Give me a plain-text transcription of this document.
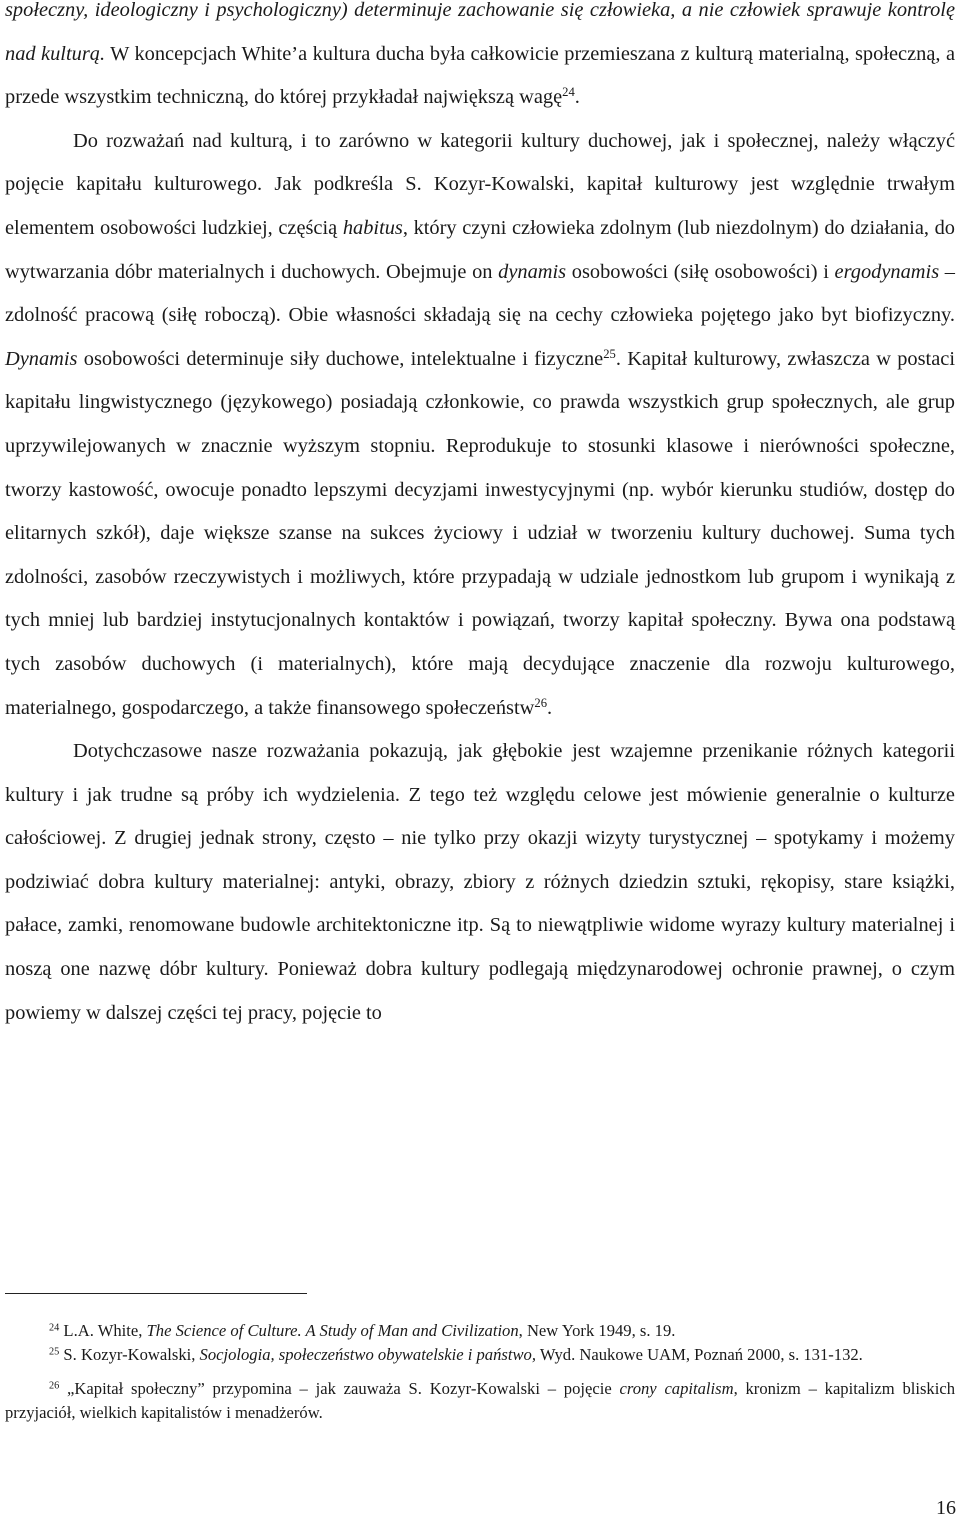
społeczny, ideologiczny i psychologiczny) determinuje zachowanie się człowieka, a nie człowiek sprawuje kontrolę nad kulturą. W koncepcjach White’a kultura ducha była całkowicie przemieszana z kulturą materialną, społeczną, a przede wszystkim techniczną, do której przykładał największą wagę$^{24}$.

Do rozważań nad kulturą, i to zarówno w kategorii kultury duchowej, jak i społecznej, należy włączyć pojęcie kapitału kulturowego. Jak podkreśla S. Kozyr-Kowalski, kapitał kulturowy jest względnie trwałym elementem osobowości ludzkiej, częścią habitus, który czyni człowieka zdolnym (lub niezdolnym) do działania, do wytwarzania dóbr materialnych i duchowych. Obejmuje on dynamis osobowości (siłę osobowości) i ergodynamis – zdolność pracową (siłę roboczą). Obie własności składają się na cechy człowieka pojętego jako byt biofizyczny. Dynamis osobowości determinuje siły duchowe, intelektualne i fizyczne$^{25}$. Kapitał kulturowy, zwłaszcza w postaci kapitału lingwistycznego (językowego) posiadają członkowie, co prawda wszystkich grup społecznych, ale grup uprzywilejowanych w znacznie wyższym stopniu. Reprodukuje to stosunki klasowe i nierówności społeczne, tworzy kastowość, owocuje ponadto lepszymi decyzjami inwestycyjnymi (np. wybór kierunku studiów, dostęp do elitarnych szkół), daje większe szanse na sukces życiowy i udział w tworzeniu kultury duchowej. Suma tych zdolności, zasobów rzeczywistych i możliwych, które przypadają w udziale jednostkom lub grupom i wynikają z tych mniej lub bardziej instytucjonalnych kontaktów i powiązań, tworzy kapitał społeczny. Bywa ona podstawą tych zasobów duchowych (i materialnych), które mają decydujące znaczenie dla rozwoju kulturowego, materialnego, gospodarczego, a także finansowego społeczeństw$^{26}$.

Dotychczasowe nasze rozważania pokazują, jak głębokie jest wzajemne przenikanie różnych kategorii kultury i jak trudne są próby ich wydzielenia. Z tego też względu celowe jest mówienie generalnie o kulturze całościowej. Z drugiej jednak strony, często – nie tylko przy okazji wizyty turystycznej – spotykamy i możemy podziwiać dobra kultury materialnej: antyki, obrazy, zbiory z różnych dziedzin sztuki, rękopisy, stare książki, pałace, zamki, renomowane budowle architektoniczne itp. Są to niewątpliwie widome wyrazy kultury materialnej i noszą one nazwę dóbr kultury. Ponieważ dobra kultury podlegają międzynarodowej ochronie prawnej, o czym powiemy w dalszej części tej pracy, pojęcie to

$^{24}$ L.A. White, The Science of Culture. A Study of Man and Civilization, New York 1949, s. 19.

$^{25}$ S. Kozyr-Kowalski, Socjologia, społeczeństwo obywatelskie i państwo, Wyd. Naukowe UAM, Poznań 2000, s. 131-132.

$^{26}$ „Kapitał społeczny” przypomina – jak zauważa S. Kozyr-Kowalski – pojęcie crony capitalism, kronizm – kapitalizm bliskich przyjaciół, wielkich kapitalistów i menadżerów.

16
